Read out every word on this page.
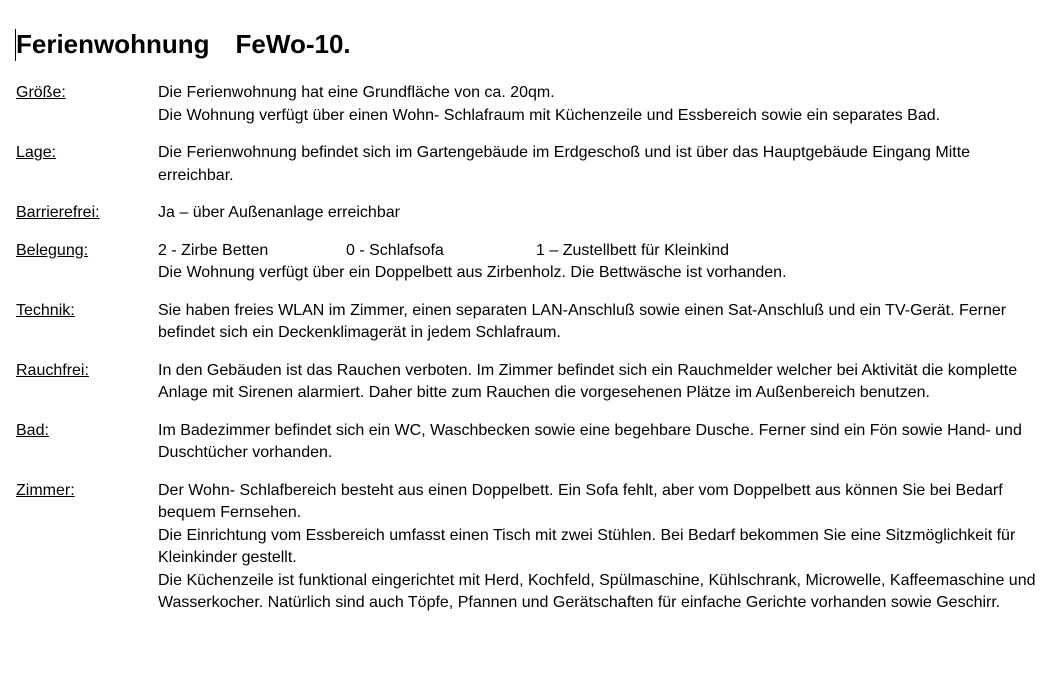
Ferienwohnung FeWo-10.
Größe:	Die Ferienwohnung hat eine Grundfläche von ca. 20qm.

Die Wohnung verfügt über einen Wohn- Schlafraum mit Küchenzeile und Essbereich sowie ein separates Bad.

Lage:	Die Ferienwohnung befindet sich im Gartengebäude im Erdgeschoß und ist über das Hauptgebäude Eingang Mitte erreichbar.

Barrierefrei:	Ja – über Außenanlage erreichbar

Belegung:	2 - Zirbe Betten	0 - Schlafsofa	1 – Zustellbett für Kleinkind

Die Wohnung verfügt über ein Doppelbett aus Zirbenholz. Die Bettwäsche ist vorhanden.

Technik:	Sie haben freies WLAN im Zimmer, einen separaten LAN-Anschluß sowie einen Sat-Anschluß und ein TV-Gerät. Ferner befindet sich ein Deckenklimagerät in jedem Schlafraum.

Rauchfrei:	In den Gebäuden ist das Rauchen verboten. Im Zimmer befindet sich ein Rauchmelder welcher bei Aktivität die komplette Anlage mit Sirenen alarmiert. Daher bitte zum Rauchen die vorgesehenen Plätze im Außenbereich benutzen.

Bad:	Im Badezimmer befindet sich ein WC, Waschbecken sowie eine begehbare Dusche. Ferner sind ein Fön sowie Hand- und Duschtücher vorhanden.

Zimmer:	Der Wohn- Schlafbereich besteht aus einen Doppelbett. Ein Sofa fehlt, aber vom Doppelbett aus können Sie bei Bedarf bequem Fernsehen.

Die Einrichtung vom Essbereich umfasst einen Tisch mit zwei Stühlen. Bei Bedarf bekommen Sie eine Sitzmöglichkeit für Kleinkinder gestellt.

Die Küchenzeile ist funktional eingerichtet mit Herd, Kochfeld, Spülmaschine, Kühlschrank, Microwelle, Kaffeemaschine und Wasserkocher. Natürlich sind auch Töpfe, Pfannen und Gerätschaften für einfache Gerichte vorhanden sowie Geschirr.
